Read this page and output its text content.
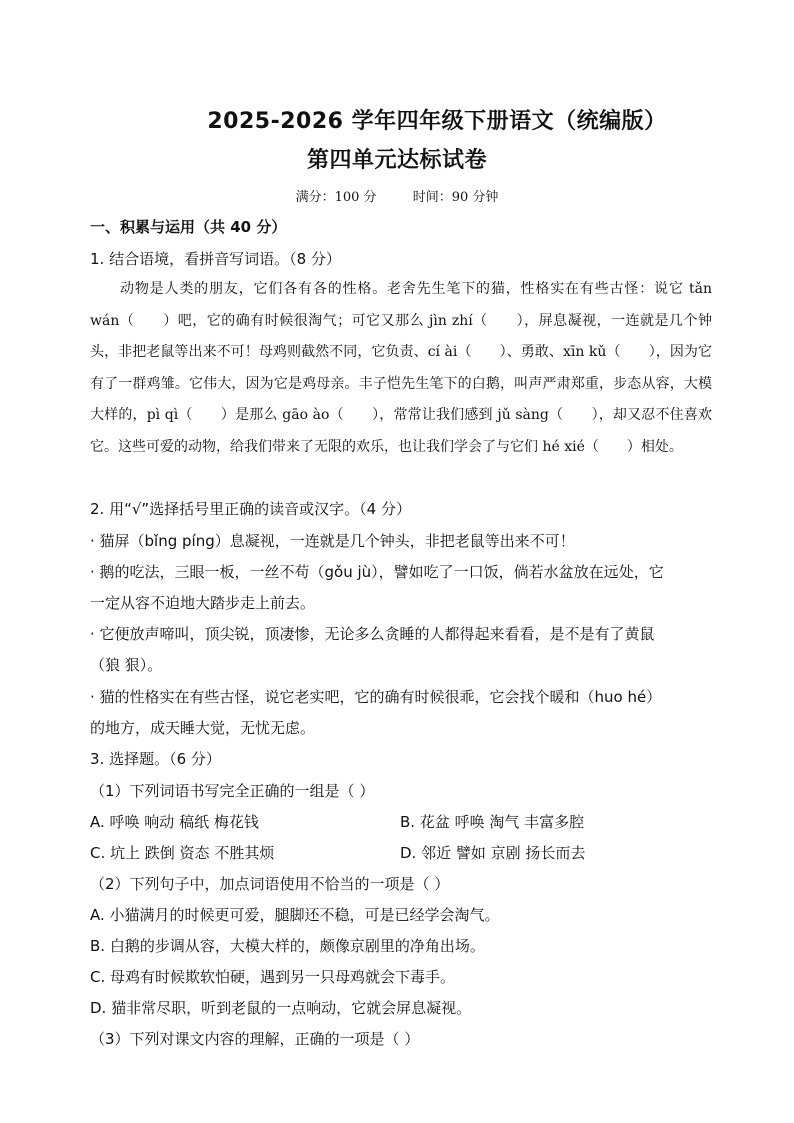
2025-2026 学年四年级下册语文（统编版）
第四单元达标试卷
满分：100 分	时间：90 分钟
一、积累与运用（共 40 分）
1. 结合语境，看拼音写词语。（8 分）

动物是人类的朋友，它们各有各的性格。老舍先生笔下的猫，性格实在有些古怪：说它 tǎn wán（　　）吧，它的确有时候很淘气；可它又那么 jìn zhí（　　），屏息凝视，一连就是几个钟头，非把老鼠等出来不可！母鸡则截然不同，它负责、cí ài（　　）、勇敢、xīn kǔ（　　），因为它有了一群鸡雏。它伟大，因为它是鸡母亲。丰子恺先生笔下的白鹅，叫声严肃郑重，步态从容，大模大样的，pì qì（　　）是那么 gāo ào（　　），常常让我们感到 jǔ sàng（　　），却又忍不住喜欢它。这些可爱的动物，给我们带来了无限的欢乐，也让我们学会了与它们 hé xié（　　）相处。

2. 用“√”选择括号里正确的读音或汉字。（4 分）
· 猫屏（bǐng píng）息凝视，一连就是几个钟头，非把老鼠等出来不可！
· 鹅的吃法，三眼一板，一丝不苟（gǒu jù），譬如吃了一口饭，倘若水盆放在远处，它
一定从容不迫地大踏步走上前去。
· 它便放声啼叫，顶尖锐，顶凄惨，无论多么贪睡的人都得起来看看，是不是有了黄鼠
（狼 狠）。
· 猫的性格实在有些古怪，说它老实吧，它的确有时候很乖，它会找个暖和（huo hé）
的地方，成天睡大觉，无忧无虑。
3. 选择题。（6 分）
（1）下列词语书写完全正确的一组是（ ）
A. 呼唤 响动 稿纸 梅花钱	B. 花盆 呼唤 淘气 丰富多腔
C. 坑上 跌倒 资态 不胜其烦	D. 邻近 譬如 京剧 扬长而去
（2）下列句子中，加点词语使用不恰当的一项是（ ）
A. 小猫满月的时候更可爱，腿脚还不稳，可是已经学会淘气。
B. 白鹅的步调从容，大模大样的，颇像京剧里的净角出场。
C. 母鸡有时候欺软怕硬，遇到另一只母鸡就会下毒手。
D. 猫非常尽职，听到老鼠的一点响动，它就会屏息凝视。
（3）下列对课文内容的理解，正确的一项是（ ）
